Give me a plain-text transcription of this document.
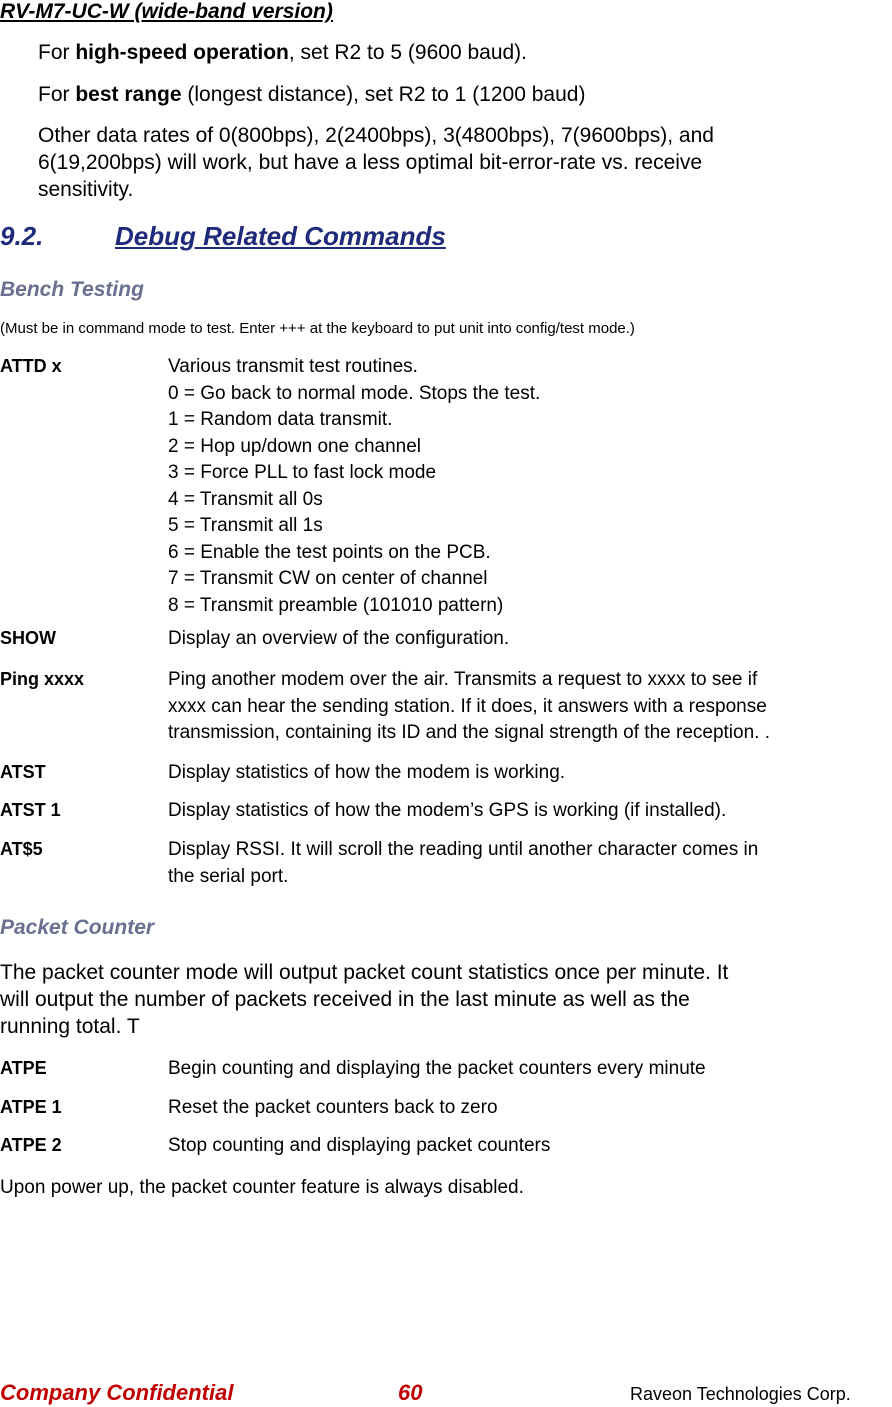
RV-M7-UC-W (wide-band version)
For high-speed operation, set R2 to 5 (9600 baud).
For best range (longest distance), set R2 to 1 (1200 baud)
Other data rates of 0(800bps), 2(2400bps), 3(4800bps), 7(9600bps), and
6(19,200bps) will work, but have a less optimal bit-error-rate vs. receive
sensitivity.
9.2.	Debug Related Commands
Bench Testing
(Must be in command mode to test. Enter +++ at the keyboard to put unit into config/test mode.)
ATTD x	Various transmit test routines.
0 = Go back to normal mode. Stops the test.
1 = Random data transmit.
2 = Hop up/down one channel
3 = Force PLL to fast lock mode
4 = Transmit all 0s
5 = Transmit all 1s
6 = Enable the test points on the PCB.
7 = Transmit CW on center of channel
8 = Transmit preamble (101010 pattern)
SHOW	Display an overview of the configuration.
Ping xxxx	Ping another modem over the air. Transmits a request to xxxx to see if
xxxx can hear the sending station. If it does, it answers with a response
transmission, containing its ID and the signal strength of the reception. .
ATST	Display statistics of how the modem is working.
ATST 1	Display statistics of how the modem’s GPS is working (if installed).
AT$5	Display RSSI. It will scroll the reading until another character comes in
the serial port.
Packet Counter
The packet counter mode will output packet count statistics once per minute. It
will output the number of packets received in the last minute as well as the
running total. T
ATPE	Begin counting and displaying the packet counters every minute
ATPE 1	Reset the packet counters back to zero
ATPE 2	Stop counting and displaying packet counters
Upon power up, the packet counter feature is always disabled.
Company Confidential	60	Raveon Technologies Corp.
